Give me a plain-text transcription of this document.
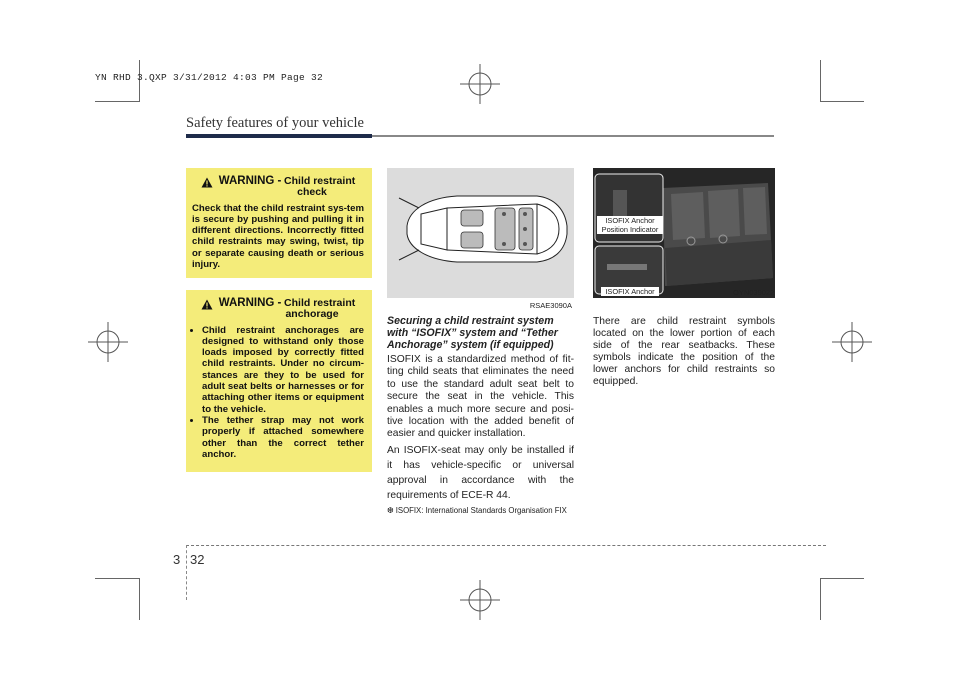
YN RHD 3.QXP 3/31/2012 4:03 PM Page 32
Safety features of your vehicle
WARNING - Child restraint
check

Check that the child restraint sys-tem is secure by pushing and pulling it in different directions. Incorrectly fitted child restraints may swing, twist, tip or separate causing death or serious injury.

WARNING - Child restraint
anchorage
• Child restraint anchorages are designed to withstand only those loads imposed by correctly fitted child restraints. Under no circum-stances are they to be used for adult seat belts or harnesses or for attaching other items or equipment to the vehicle.
• The tether strap may not work properly if attached somewhere other than the correct tether anchor.
RSAE3090A
ISOFIX Anchor
Position Indicator
ISOFIX Anchor	OYN039022
Securing a child restraint system
with “ISOFIX” system and “Tether
Anchorage” system (if equipped)

ISOFIX is a standardized method of fit-ting child seats that eliminates the need to use the standard adult seat belt to secure the seat in the vehicle. This enables a much more secure and posi-tive location with the added benefit of easier and quicker installation.

An ISOFIX-seat may only be installed if it has vehicle-specific or universal approval in accordance with the requirements of ECE-R 44.

❆ ISOFIX: International Standards Organisation FIX

There are child restraint symbols located on the lower portion of each side of the rear seatbacks. These symbols indicate the position of the lower anchors for child restraints so equipped.

3 32
